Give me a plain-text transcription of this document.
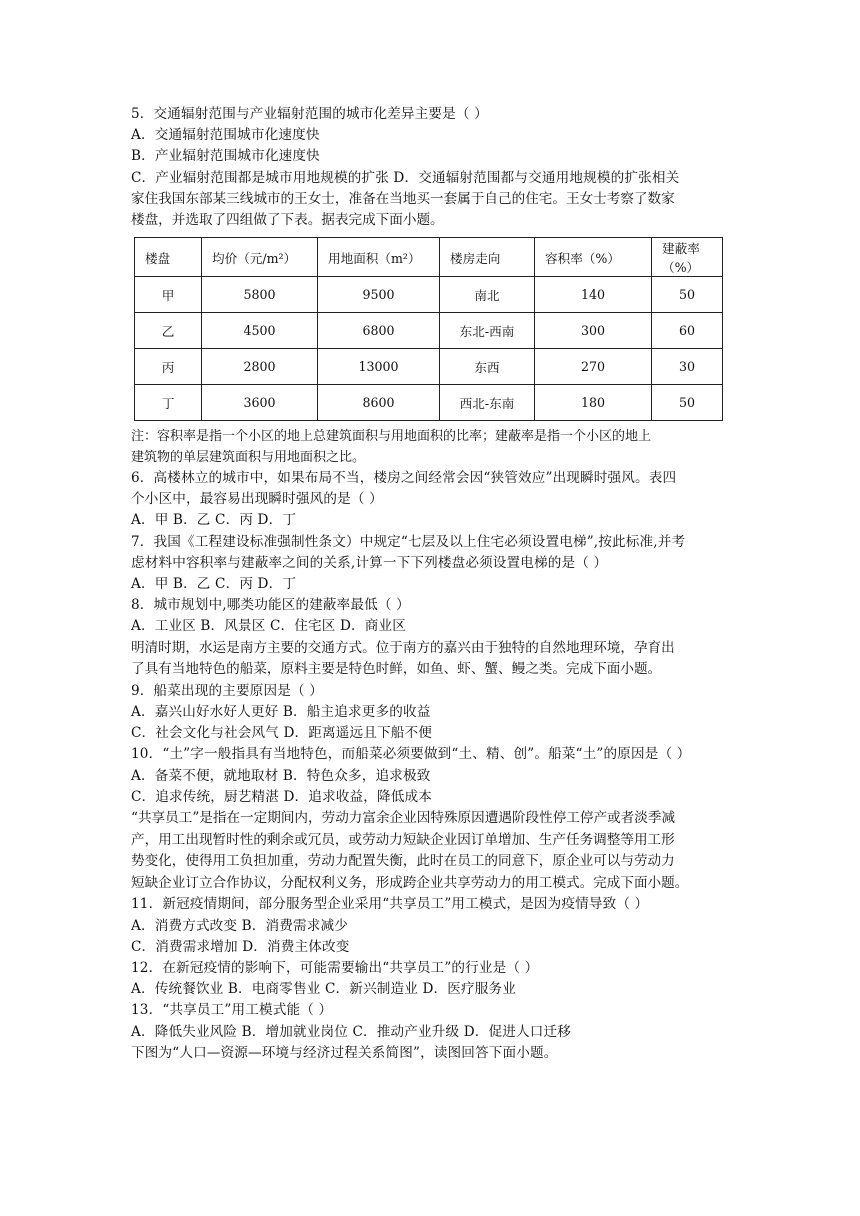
5．交通辐射范围与产业辐射范围的城市化差异主要是（ ）
A．交通辐射范围城市化速度快
B．产业辐射范围城市化速度快
C．产业辐射范围都是城市用地规模的扩张 D．交通辐射范围都与交通用地规模的扩张相关
家住我国东部某三线城市的王女士，准备在当地买一套属于自己的住宅。王女士考察了数家
楼盘，并选取了四组做了下表。据表完成下面小题。
楼盘	均价（元/m²）	用地面积（m²）	楼房走向	容积率（%）	建蔽率（%）
甲	5800	9500	南北	140	50
乙	4500	6800	东北-西南	300	60
丙	2800	13000	东西	270	30
丁	3600	8600	西北-东南	180	50
注：容积率是指一个小区的地上总建筑面积与用地面积的比率；建蔽率是指一个小区的地上
建筑物的单层建筑面积与用地面积之比。
6．高楼林立的城市中，如果布局不当，楼房之间经常会因“狭管效应”出现瞬时强风。表四
个小区中，最容易出现瞬时强风的是（ ）
A．甲 B．乙 C．丙 D．丁
7．我国《工程建设标准强制性条文）中规定“七层及以上住宅必须设置电梯”,按此标准,并考
虑材料中容积率与建蔽率之间的关系,计算一下下列楼盘必须设置电梯的是（ ）
A．甲 B．乙 C．丙 D．丁
8．城市规划中,哪类功能区的建蔽率最低（ ）
A．工业区 B．风景区 C．住宅区 D．商业区
明清时期，水运是南方主要的交通方式。位于南方的嘉兴由于独特的自然地理环境，孕育出
了具有当地特色的船菜，原料主要是特色时鲜，如鱼、虾、蟹、鳗之类。完成下面小题。
9．船菜出现的主要原因是（ ）
A．嘉兴山好水好人更好 B．船主追求更多的收益
C．社会文化与社会风气 D．距离遥远且下船不便
10．“土”字一般指具有当地特色，而船菜必须要做到“土、精、创”。船菜“土”的原因是（ ）
A．备菜不便，就地取材 B．特色众多，追求极致
C．追求传统，厨艺精湛 D．追求收益，降低成本
“共享员工”是指在一定期间内，劳动力富余企业因特殊原因遭遇阶段性停工停产或者淡季减
产，用工出现暂时性的剩余或冗员，或劳动力短缺企业因订单增加、生产任务调整等用工形
势变化，使得用工负担加重，劳动力配置失衡，此时在员工的同意下，原企业可以与劳动力
短缺企业订立合作协议，分配权利义务，形成跨企业共享劳动力的用工模式。完成下面小题。
11．新冠疫情期间，部分服务型企业采用“共享员工”用工模式，是因为疫情导致（ ）
A．消费方式改变 B．消费需求减少
C．消费需求增加 D．消费主体改变
12．在新冠疫情的影响下，可能需要输出“共享员工”的行业是（ ）
A．传统餐饮业 B．电商零售业 C．新兴制造业 D．医疗服务业
13．“共享员工”用工模式能（ ）
A．降低失业风险 B．增加就业岗位 C．推动产业升级 D．促进人口迁移
下图为“人口—资源—环境与经济过程关系简图”，读图回答下面小题。
